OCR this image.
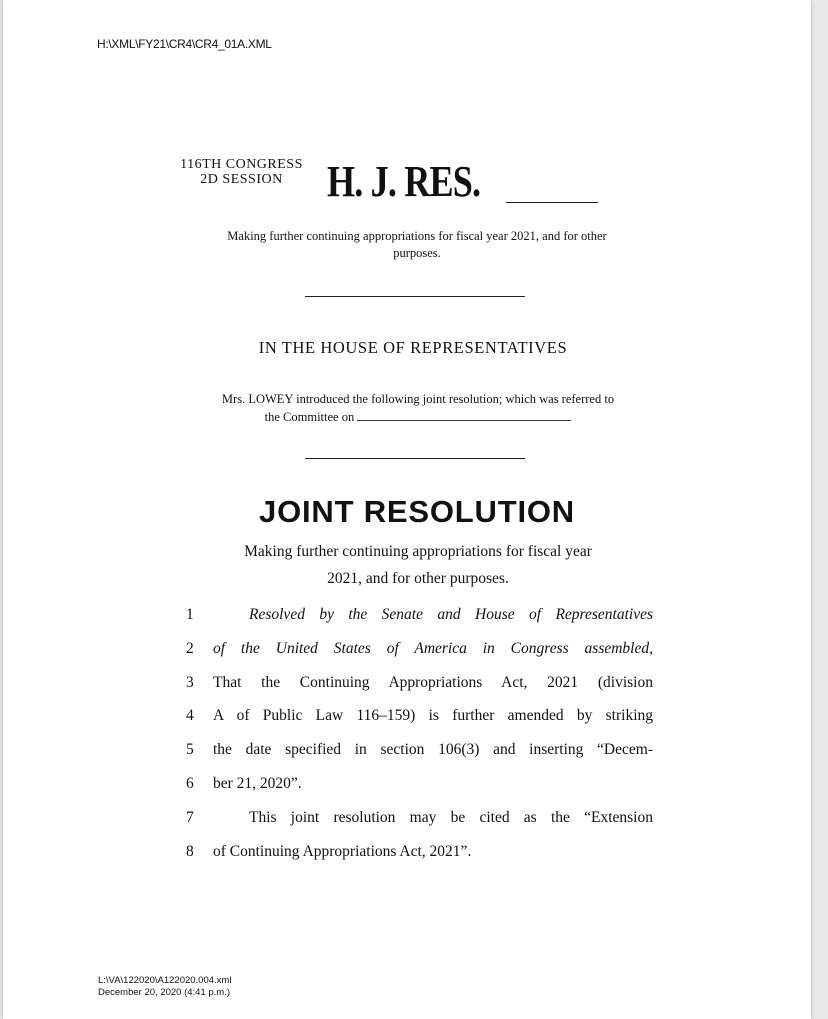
H:\XML\FY21\CR4\CR4_01A.XML
116TH CONGRESS
2D SESSION	H. J. RES.
Making further continuing appropriations for fiscal year 2021, and for other
purposes.
IN THE HOUSE OF REPRESENTATIVES
Mrs. LOWEY introduced the following joint resolution; which was referred to
the Committee on
JOINT RESOLUTION
Making further continuing appropriations for fiscal year
2021, and for other purposes.
1	Resolved by the Senate and House of Representatives
2	of the United States of America in Congress assembled,
3	That the Continuing Appropriations Act, 2021 (division
4	A of Public Law 116–159) is further amended by striking
5	the date specified in section 106(3) and inserting “Decem-
6	ber 21, 2020”.
7	This joint resolution may be cited as the “Extension
8	of Continuing Appropriations Act, 2021”.
L:\VA\122020\A122020.004.xml
December 20, 2020 (4:41 p.m.)
